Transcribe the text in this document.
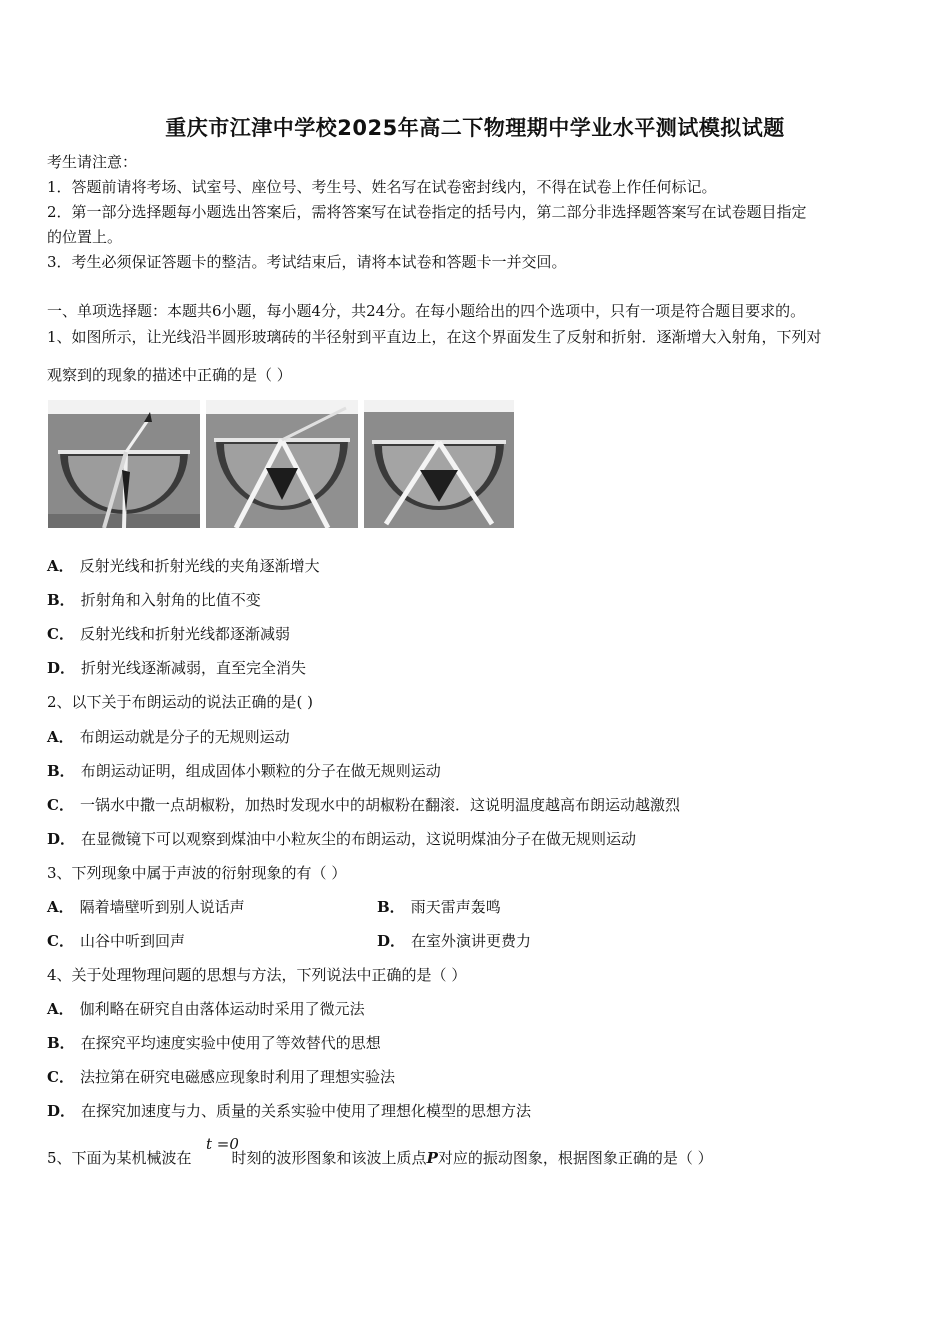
重庆市江津中学校2025年高二下物理期中学业水平测试模拟试题
考生请注意：
1．答题前请将考场、试室号、座位号、考生号、姓名写在试卷密封线内，不得在试卷上作任何标记。
2．第一部分选择题每小题选出答案后，需将答案写在试卷指定的括号内，第二部分非选择题答案写在试卷题目指定
的位置上。
3．考生必须保证答题卡的整洁。考试结束后，请将本试卷和答题卡一并交回。
一、单项选择题：本题共6小题，每小题4分，共24分。在每小题给出的四个选项中，只有一项是符合题目要求的。
1、如图所示，让光线沿半圆形玻璃砖的半径射到平直边上，在这个界面发生了反射和折射．逐渐增大入射角，下列对
观察到的现象的描述中正确的是（ ）
A． 反射光线和折射光线的夹角逐渐增大
B． 折射角和入射角的比值不变
C． 反射光线和折射光线都逐渐减弱
D． 折射光线逐渐减弱，直至完全消失
2、以下关于布朗运动的说法正确的是( )
A． 布朗运动就是分子的无规则运动
B． 布朗运动证明，组成固体小颗粒的分子在做无规则运动
C． 一锅水中撒一点胡椒粉，加热时发现水中的胡椒粉在翻滚．这说明温度越高布朗运动越激烈
D． 在显微镜下可以观察到煤油中小粒灰尘的布朗运动，这说明煤油分子在做无规则运动
3、下列现象中属于声波的衍射现象的有（ ）
A． 隔着墙壁听到别人说话声	B． 雨天雷声轰鸣
C． 山谷中听到回声	D． 在室外演讲更费力
4、关于处理物理问题的思想与方法，下列说法中正确的是（ ）
A． 伽利略在研究自由落体运动时采用了微元法
B． 在探究平均速度实验中使用了等效替代的思想
C． 法拉第在研究电磁感应现象时利用了理想实验法
D． 在探究加速度与力、质量的关系实验中使用了理想化模型的思想方法
t =0
5、下面为某机械波在	时刻的波形图象和该波上质点P对应的振动图象，根据图象正确的是（ ）
